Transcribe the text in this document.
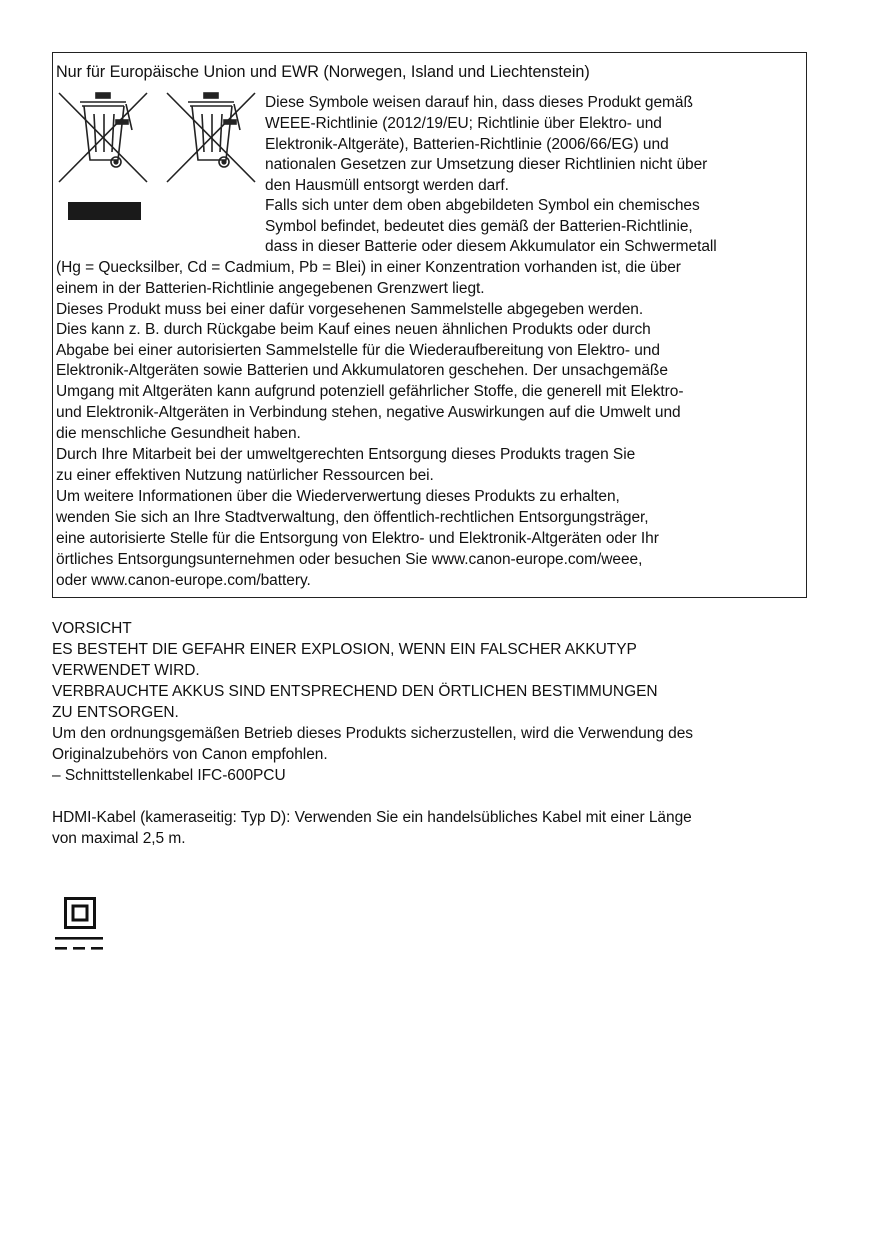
Nur für Europäische Union und EWR (Norwegen, Island und Liechtenstein)
Diese Symbole weisen darauf hin, dass dieses Produkt gemäß
WEEE-Richtlinie (2012/19/EU; Richtlinie über Elektro- und
Elektronik-Altgeräte), Batterien-Richtlinie (2006/66/EG) und
nationalen Gesetzen zur Umsetzung dieser Richtlinien nicht über
den Hausmüll entsorgt werden darf.
Falls sich unter dem oben abgebildeten Symbol ein chemisches
Symbol befindet, bedeutet dies gemäß der Batterien-Richtlinie,
dass in dieser Batterie oder diesem Akkumulator ein Schwermetall
(Hg = Quecksilber, Cd = Cadmium, Pb = Blei) in einer Konzentration vorhanden ist, die über
einem in der Batterien-Richtlinie angegebenen Grenzwert liegt.
Dieses Produkt muss bei einer dafür vorgesehenen Sammelstelle abgegeben werden.
Dies kann z. B. durch Rückgabe beim Kauf eines neuen ähnlichen Produkts oder durch
Abgabe bei einer autorisierten Sammelstelle für die Wiederaufbereitung von Elektro- und
Elektronik-Altgeräten sowie Batterien und Akkumulatoren geschehen. Der unsachgemäße
Umgang mit Altgeräten kann aufgrund potenziell gefährlicher Stoffe, die generell mit Elektro-
und Elektronik-Altgeräten in Verbindung stehen, negative Auswirkungen auf die Umwelt und
die menschliche Gesundheit haben.
Durch Ihre Mitarbeit bei der umweltgerechten Entsorgung dieses Produkts tragen Sie
zu einer effektiven Nutzung natürlicher Ressourcen bei.
Um weitere Informationen über die Wiederverwertung dieses Produkts zu erhalten,
wenden Sie sich an Ihre Stadtverwaltung, den öffentlich-rechtlichen Entsorgungsträger,
eine autorisierte Stelle für die Entsorgung von Elektro- und Elektronik-Altgeräten oder Ihr
örtliches Entsorgungsunternehmen oder besuchen Sie www.canon-europe.com/weee,
oder www.canon-europe.com/battery.
VORSICHT
ES BESTEHT DIE GEFAHR EINER EXPLOSION, WENN EIN FALSCHER AKKUTYP
VERWENDET WIRD.
VERBRAUCHTE AKKUS SIND ENTSPRECHEND DEN ÖRTLICHEN BESTIMMUNGEN
ZU ENTSORGEN.
Um den ordnungsgemäßen Betrieb dieses Produkts sicherzustellen, wird die Verwendung des
Originalzubehörs von Canon empfohlen.
– Schnittstellenkabel IFC-600PCU
HDMI-Kabel (kameraseitig: Typ D): Verwenden Sie ein handelsübliches Kabel mit einer Länge
von maximal 2,5 m.
